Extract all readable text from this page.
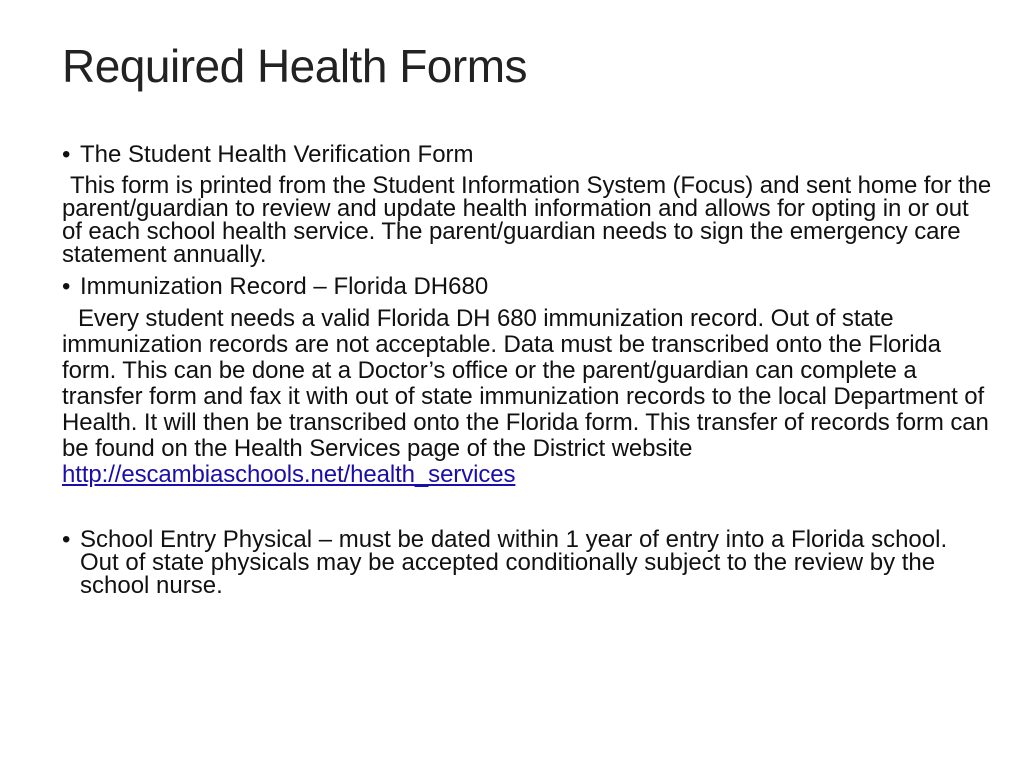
Required Health Forms
• The Student Health Verification Form
This form is printed from the Student Information System (Focus) and sent home for the parent/guardian to review and update health information and allows for opting in or out of each school health service. The parent/guardian needs to sign the emergency care statement annually.
• Immunization Record – Florida DH680
Every student needs a valid Florida DH 680 immunization record. Out of state immunization records are not acceptable. Data must be transcribed onto the Florida form. This can be done at a Doctor’s office or the parent/guardian can complete a transfer form and fax it with out of state immunization records to the local Department of Health. It will then be transcribed onto the Florida form. This transfer of records form can be found on the Health Services page of the District website http://escambiaschools.net/health_services
• School Entry Physical – must be dated within 1 year of entry into a Florida school. Out of state physicals may be accepted conditionally subject to the review by the school nurse.
